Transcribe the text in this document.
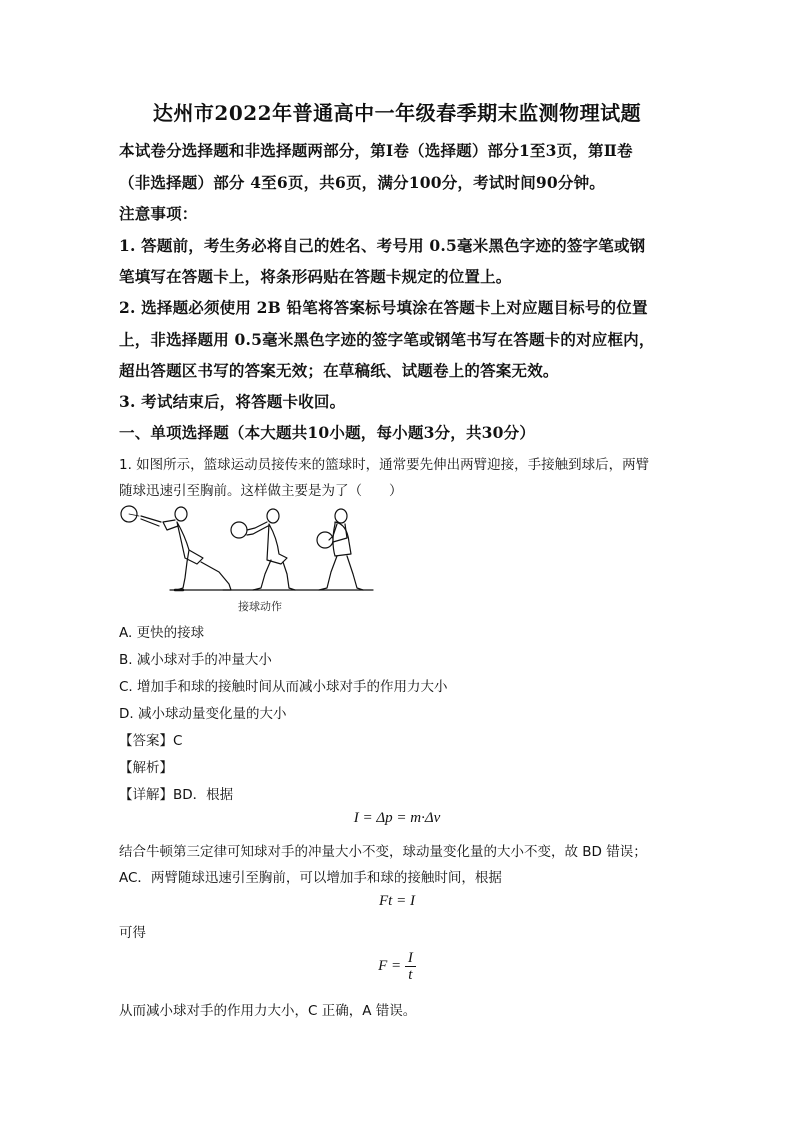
达州市2022年普通高中一年级春季期末监测物理试题
本试卷分选择题和非选择题两部分，第Ⅰ卷（选择题）部分1至3页，第Ⅱ卷
（非选择题）部分 4至6页，共6页，满分100分，考试时间90分钟。
注意事项：
1. 答题前，考生务必将自己的姓名、考号用 0.5毫米黑色字迹的签字笔或钢
笔填写在答题卡上，将条形码贴在答题卡规定的位置上。
2. 选择题必须使用 2B 铅笔将答案标号填涂在答题卡上对应题目标号的位置
上，非选择题用 0.5毫米黑色字迹的签字笔或钢笔书写在答题卡的对应框内，
超出答题区书写的答案无效；在草稿纸、试题卷上的答案无效。
3. 考试结束后，将答题卡收回。
一、单项选择题（本大题共10小题，每小题3分，共30分）
1. 如图所示，篮球运动员接传来的篮球时，通常要先伸出两臂迎接，手接触到球后，两臂
随球迅速引至胸前。这样做主要是为了（　　）
接球动作
A. 更快的接球
B. 减小球对手的冲量大小
C. 增加手和球的接触时间从而减小球对手的作用力大小
D. 减小球动量变化量的大小
【答案】C
【解析】
【详解】BD．根据
I = Δp = m·Δv
结合牛顿第三定律可知球对手的冲量大小不变，球动量变化量的大小不变，故 BD 错误；
AC．两臂随球迅速引至胸前，可以增加手和球的接触时间，根据
Ft = I
可得
$F = \frac{I}{t}$
从而减小球对手的作用力大小，C 正确，A 错误。
